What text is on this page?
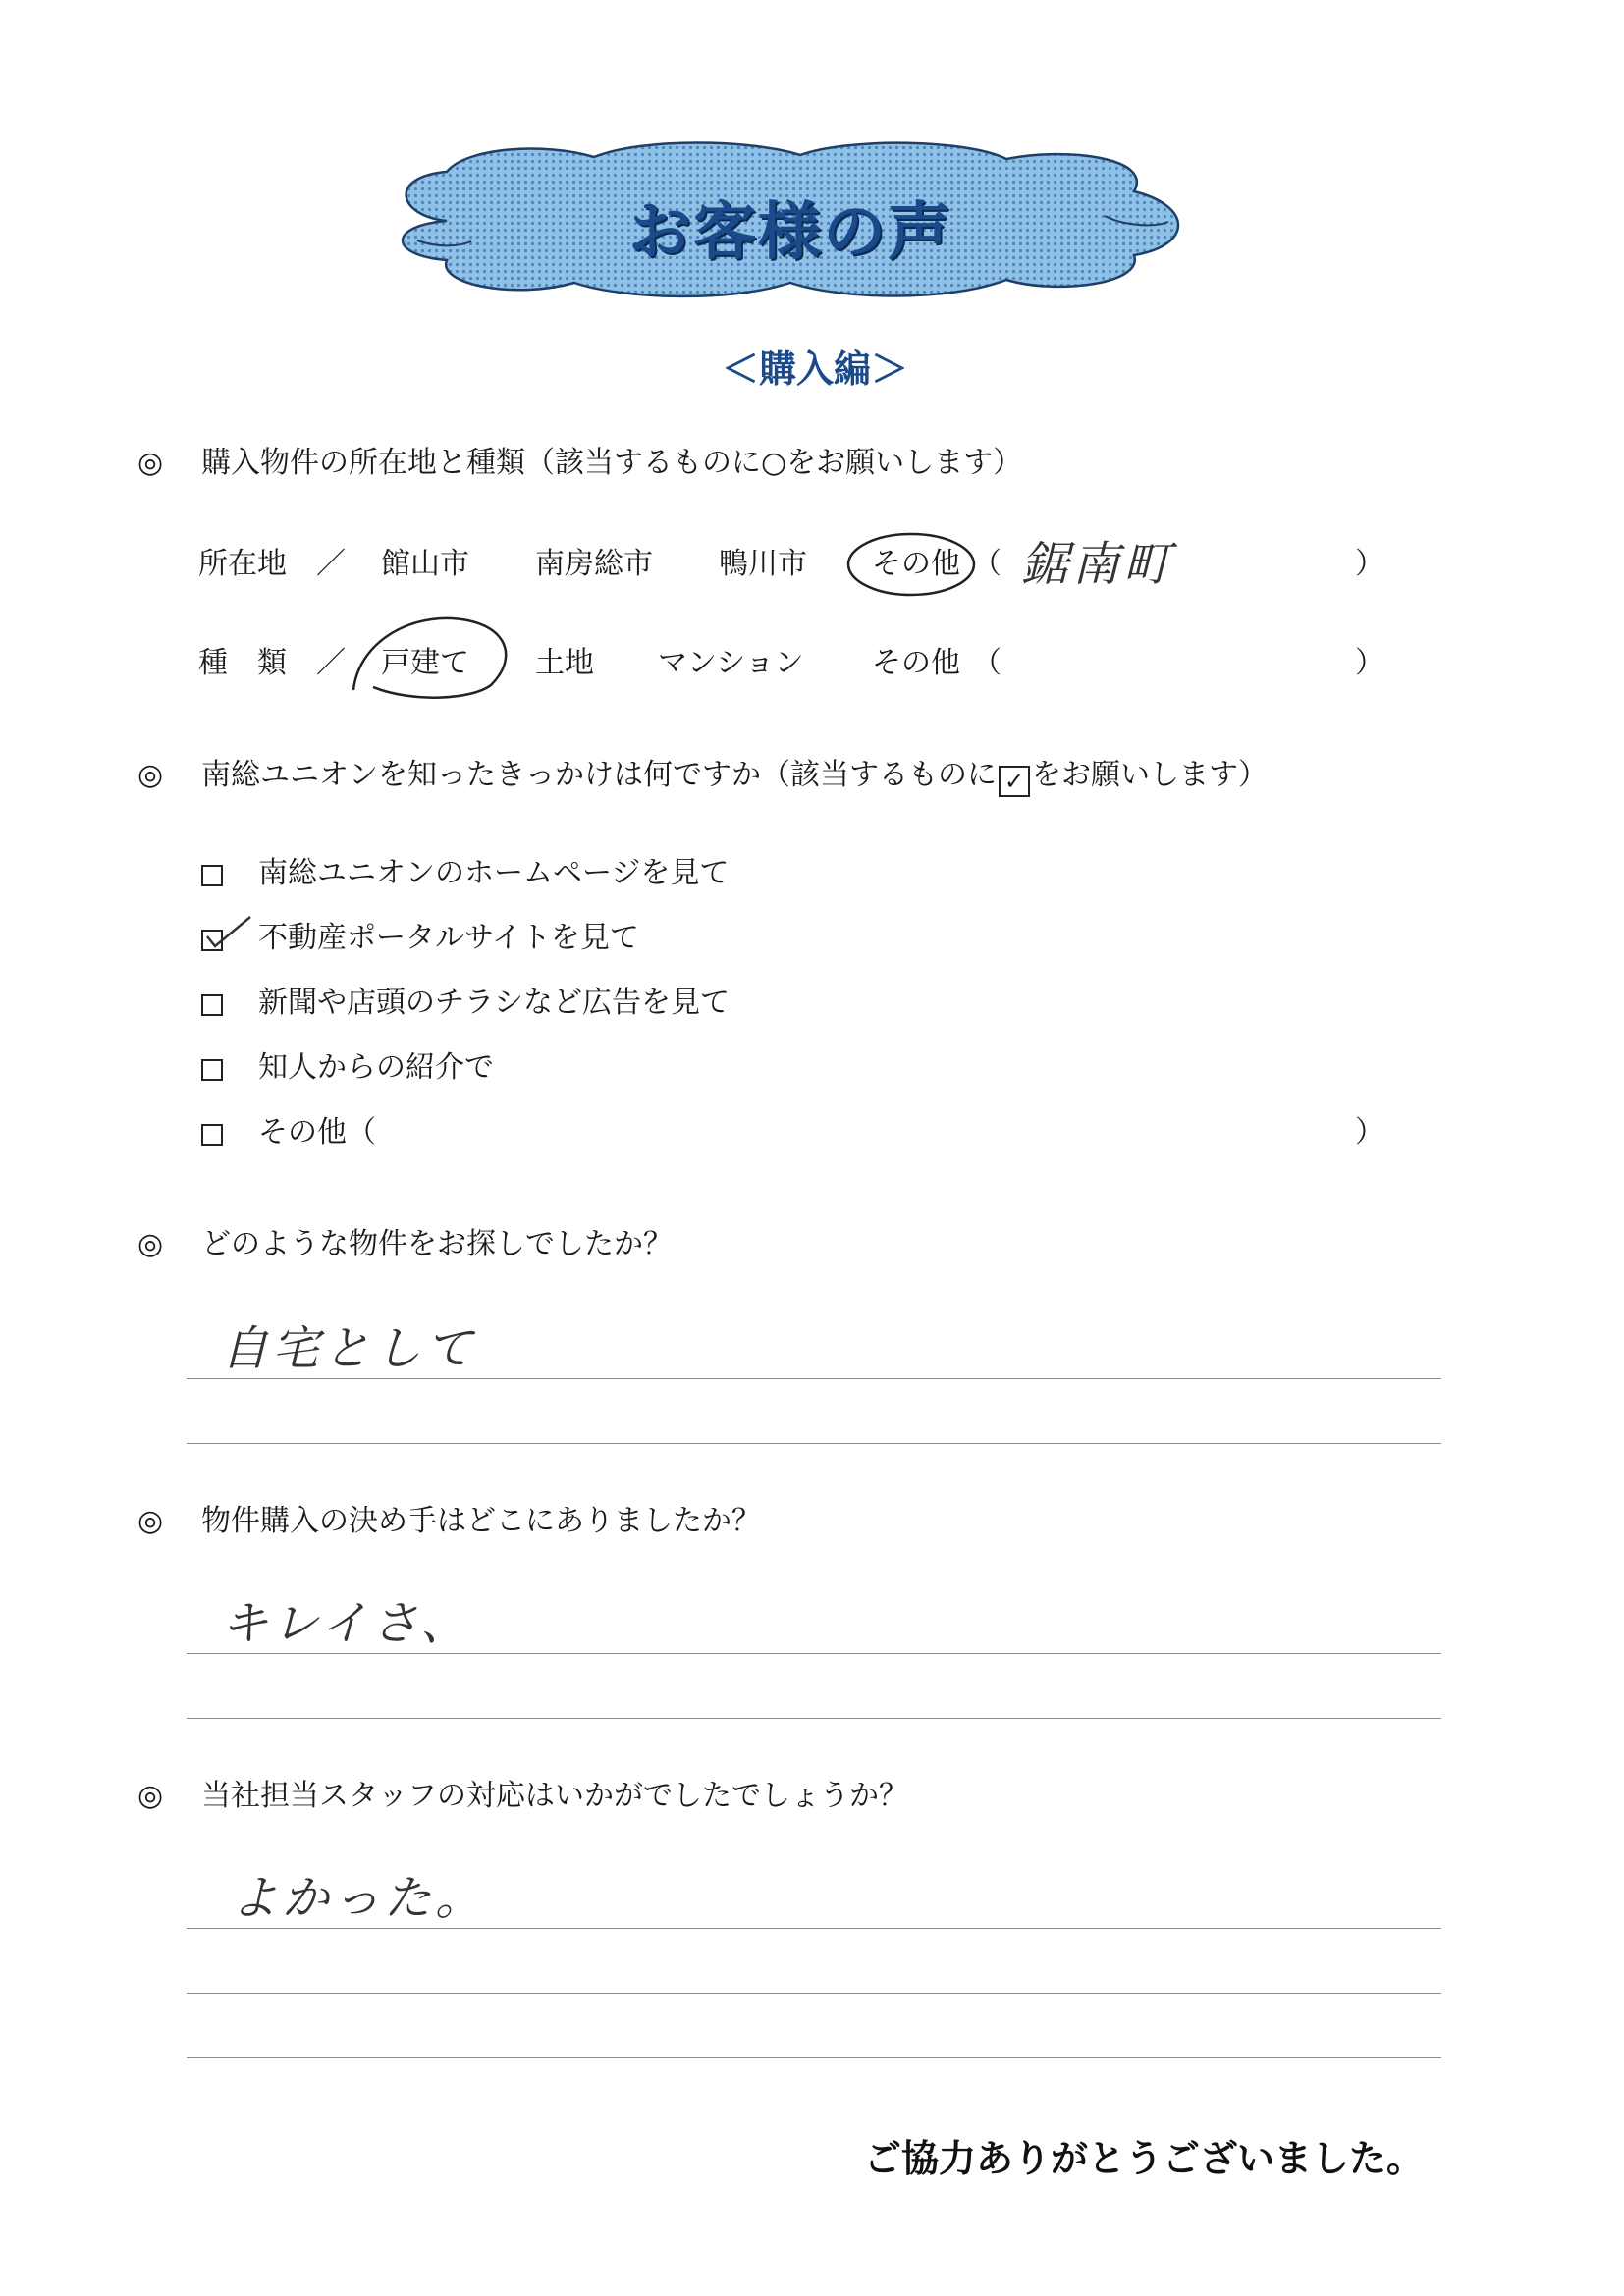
お客様の声
＜購入編＞
◎ 購入物件の所在地と種類（該当するものに○をお願いします）
所在地 ／ 館山市 南房総市 鴨川市 その他 （ 鋸南町	）
種　類 ／ 戸建て 土地 マンション その他 （	）
◎ 南総ユニオンを知ったきっかけは何ですか（該当するものに ✓ をお願いします）
南総ユニオンのホームページを見て
不動産ポータルサイトを見て
新聞や店頭のチラシなど広告を見て
知人からの紹介で
その他（	）
◎ どのような物件をお探しでしたか？
自宅として
◎ 物件購入の決め手はどこにありましたか？
キレイさ、
◎ 当社担当スタッフの対応はいかがでしたでしょうか？
よかった。
ご協力ありがとうございました。
